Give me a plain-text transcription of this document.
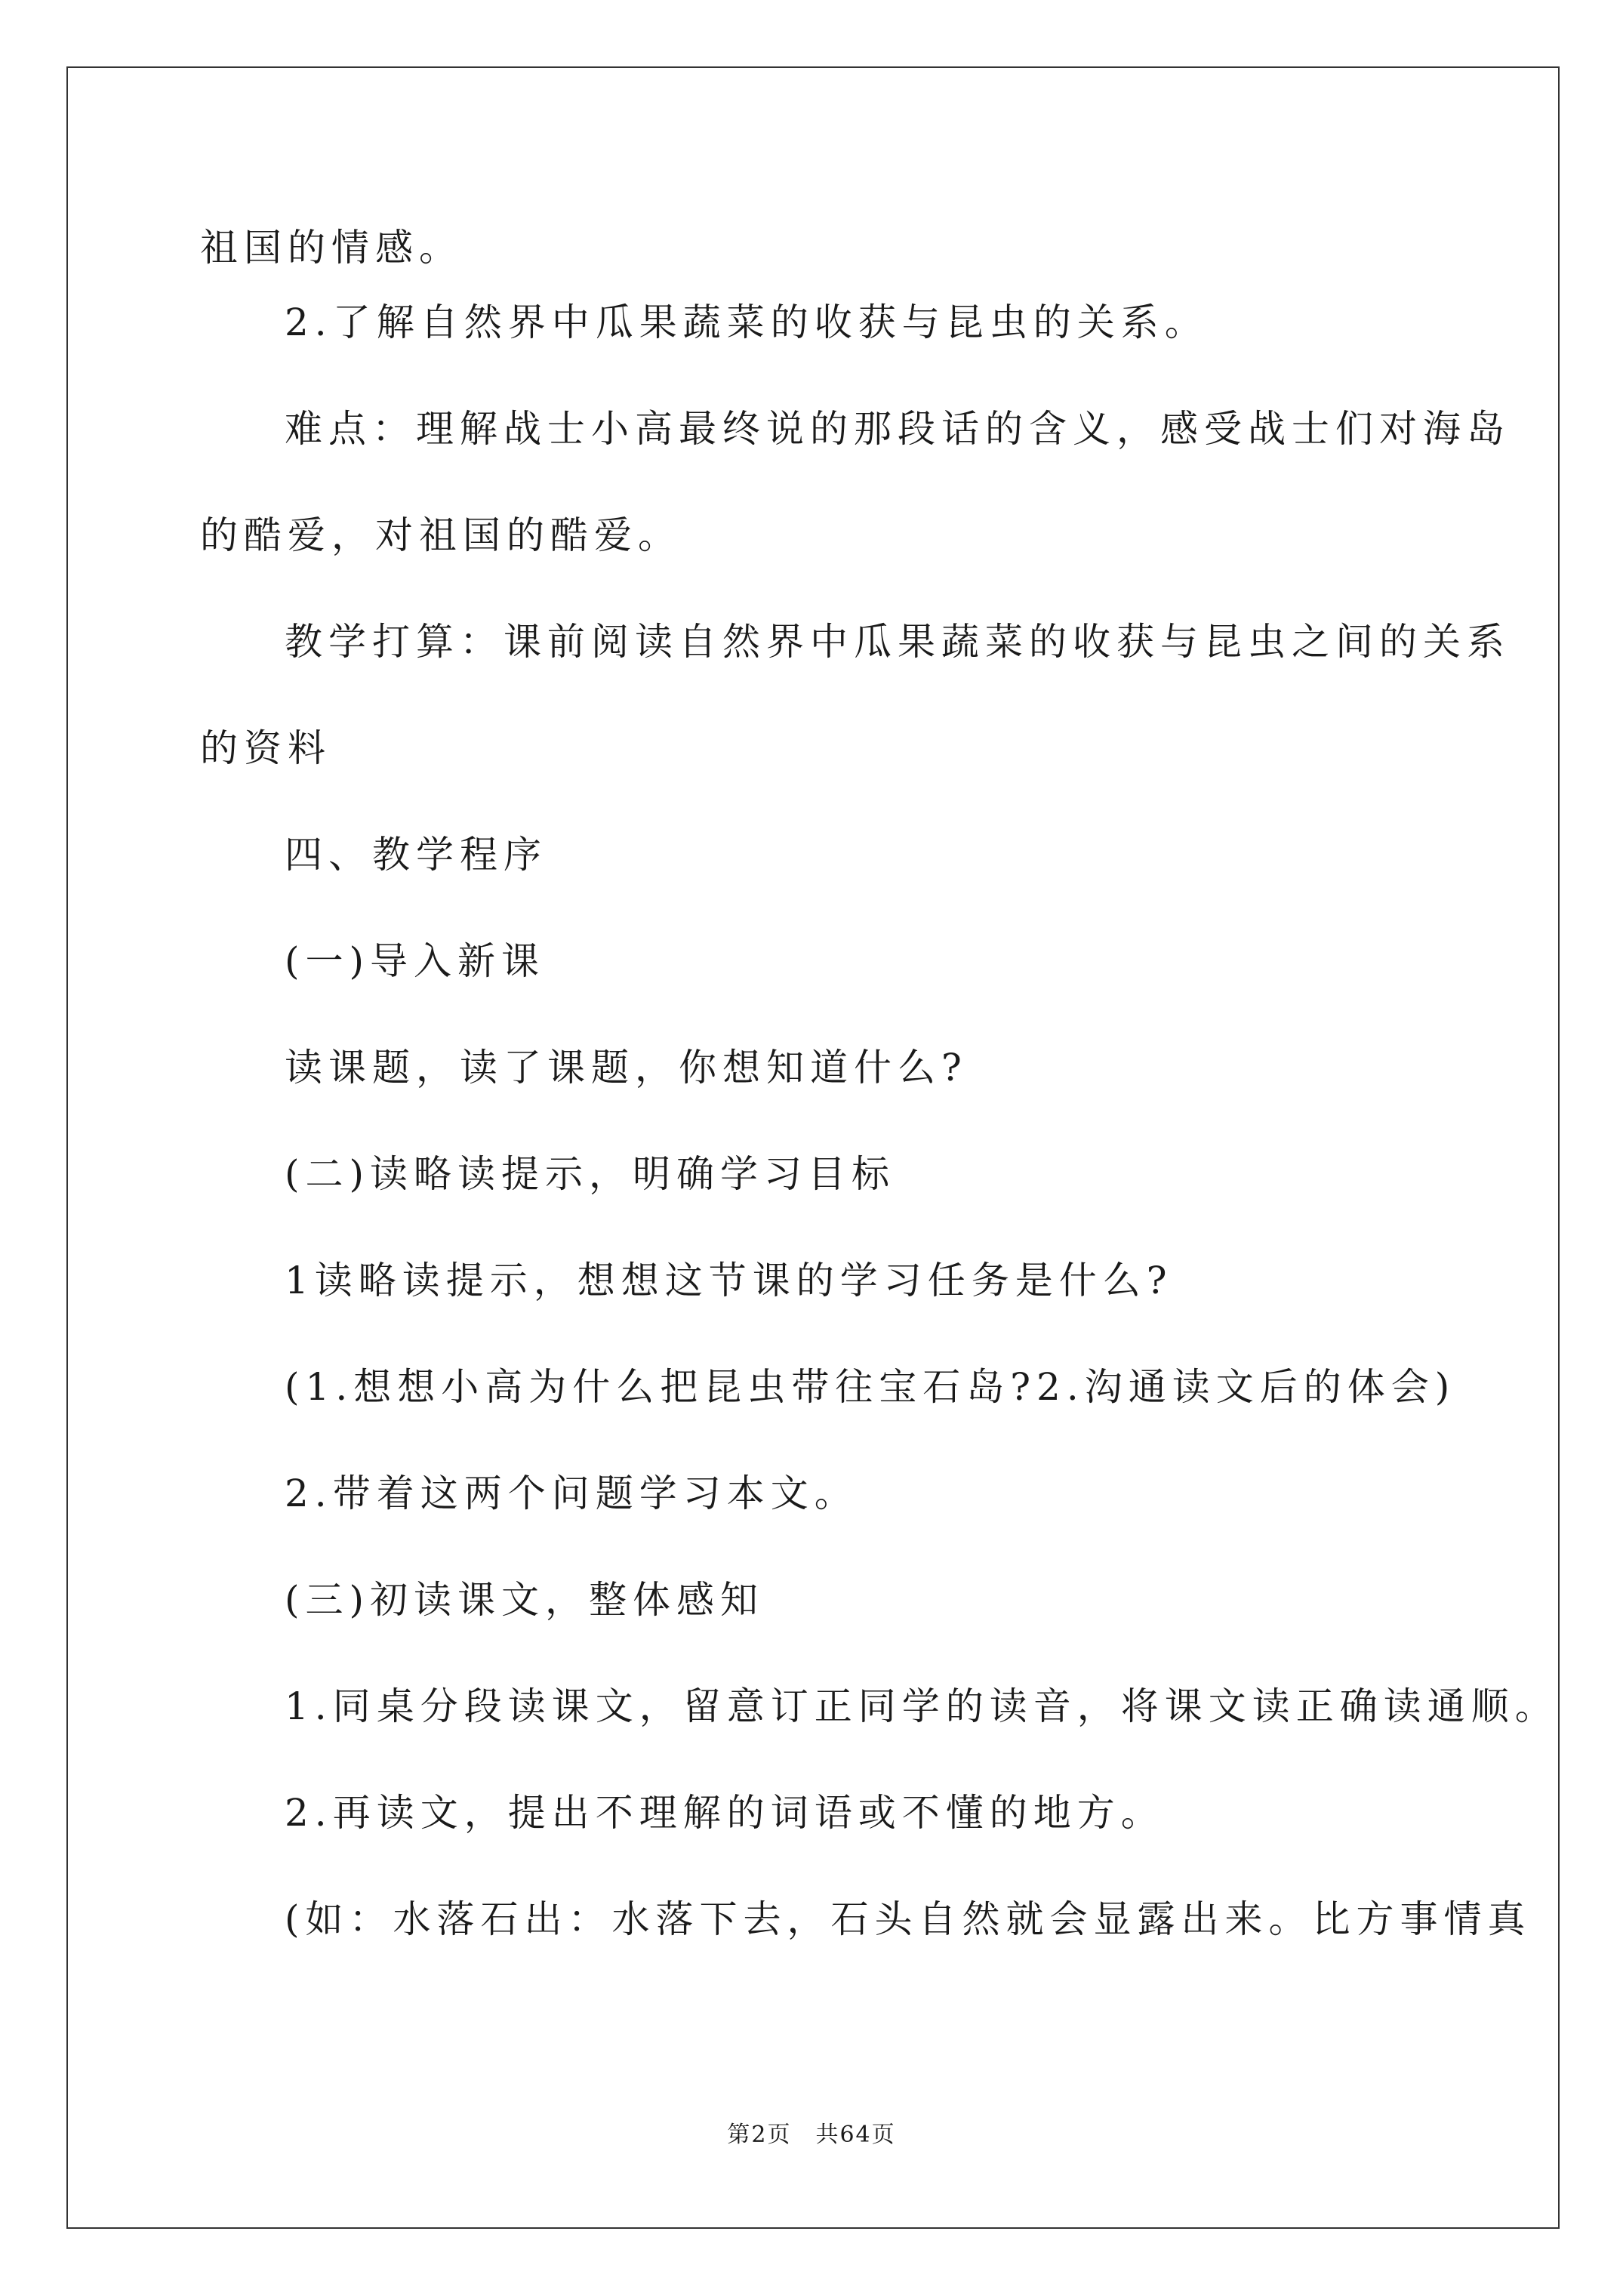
祖国的情感。
2.了解自然界中瓜果蔬菜的收获与昆虫的关系。
难点：理解战士小高最终说的那段话的含义，感受战士们对海岛
的酷爱，对祖国的酷爱。
教学打算：课前阅读自然界中瓜果蔬菜的收获与昆虫之间的关系
的资料
四、教学程序
(一)导入新课
读课题，读了课题，你想知道什么?
(二)读略读提示，明确学习目标
1读略读提示，想想这节课的学习任务是什么?
(1.想想小高为什么把昆虫带往宝石岛?2.沟通读文后的体会)
2.带着这两个问题学习本文。
(三)初读课文，整体感知
1.同桌分段读课文，留意订正同学的读音，将课文读正确读通顺。
2.再读文，提出不理解的词语或不懂的地方。
(如：水落石出：水落下去，石头自然就会显露出来。比方事情真
第2页　共64页
